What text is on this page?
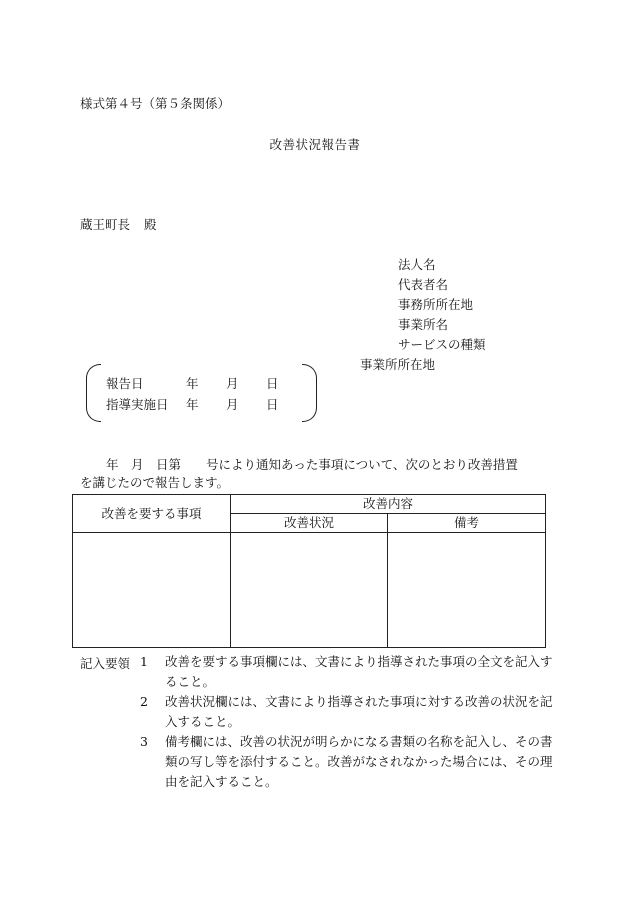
様式第４号（第５条関係）
改善状況報告書
蔵王町長 殿
法人名
代表者名
事務所所在地
事業所名
サービスの種類
事業所所在地
報告日	年 月 日
指導実施日 年 月 日
年　月　日第　　号により通知あった事項について、次のとおり改善措置
を講じたので報告します。
改善を要する事項	改善内容	
	改善状況	備考

記入要領 1 改善を要する事項欄には、文書により指導された事項の全文を記入すること。
2 改善状況欄には、文書により指導された事項に対する改善の状況を記入すること。
3 備考欄には、改善の状況が明らかになる書類の名称を記入し、その書類の写し等を添付すること。改善がなされなかった場合には、その理由を記入すること。
